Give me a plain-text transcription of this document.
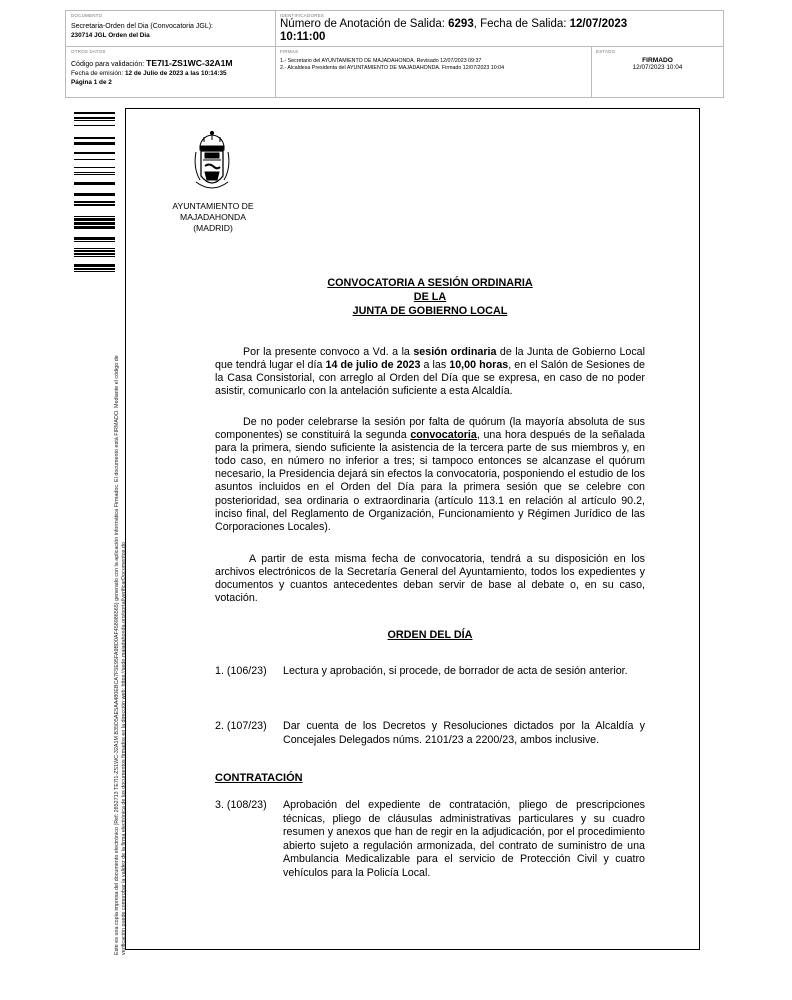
DOCUMENTO
Secretaria-Orden del Dia (Convocatoria JGL):
230714 JGL Orden del Dia
IDENTIFICADORES
Número de Anotación de Salida: 6293, Fecha de Salida: 12/07/2023
10:11:00
OTROS DATOS
Código para validación: TE7I1-ZS1WC-32A1M
Fecha de emisión: 12 de Julio de 2023 a las 10:14:35
Página 1 de 2
FIRMAS
1.- Secretario del AYUNTAMIENTO DE MAJADAHONDA. Revisado 12/07/2023 09:37
2.- Alcaldesa Presidenta del AYUNTAMIENTO DE MAJADAHONDA. Firmado 12/07/2023 10:04
ESTADO
FIRMADO
12/07/2023 10:04
Este es una copia impresa del documento electrónico (Ref: 2852713 TE7I1-ZS1WC-32A1M B35D5AE5AA480EBCA7F5E95FA9BD0AF458986565) generado con la aplicación informática Firmadoc. El documento está FIRMADO. Mediante el código de verificación puede comprobar la validez de la firma electrónica de los documentos firmados en la dirección web: https://sede.majadahonda.org/portal/verificarDocumentos.do
AYUNTAMIENTO DE
MAJADAHONDA
(MADRID)
CONVOCATORIA A SESIÓN ORDINARIA
DE LA
JUNTA DE GOBIERNO LOCAL
Por la presente convoco a Vd. a la sesión ordinaria de la Junta de Gobierno Local que tendrá lugar el día 14 de julio de 2023 a las 10,00 horas, en el Salón de Sesiones de la Casa Consistorial, con arreglo al Orden del Día que se expresa, en caso de no poder asistir, comunicarlo con la antelación suficiente a esta Alcaldía.
De no poder celebrarse la sesión por falta de quórum (la mayoría absoluta de sus componentes) se constituirá la segunda convocatoria, una hora después de la señalada para la primera, siendo suficiente la asistencia de la tercera parte de sus miembros y, en todo caso, en número no inferior a tres; si tampoco entonces se alcanzase el quórum necesario, la Presidencia dejará sin efectos la convocatoria, posponiendo el estudio de los asuntos incluidos en el Orden del Día para la primera sesión que se celebre con posterioridad, sea ordinaria o extraordinaria (artículo 113.1 en relación al artículo 90.2, inciso final, del Reglamento de Organización, Funcionamiento y Régimen Jurídico de las Corporaciones Locales).
A partir de esta misma fecha de convocatoria, tendrá a su disposición en los archivos electrónicos de la Secretaría General del Ayuntamiento, todos los expedientes y documentos y cuantos antecedentes deban servir de base al debate o, en su caso, votación.
ORDEN DEL DÍA
1. (106/23)	Lectura y aprobación, si procede, de borrador de acta de sesión anterior.
2. (107/23)	Dar cuenta de los Decretos y Resoluciones dictados por la Alcaldía y Concejales Delegados núms. 2101/23 a 2200/23, ambos inclusive.
CONTRATACIÓN
3. (108/23)	Aprobación del expediente de contratación, pliego de prescripciones técnicas, pliego de cláusulas administrativas particulares y su cuadro resumen y anexos que han de regir en la adjudicación, por el procedimiento abierto sujeto a regulación armonizada, del contrato de suministro de una Ambulancia Medicalizable para el servicio de Protección Civil y cuatro vehículos para la Policía Local.
